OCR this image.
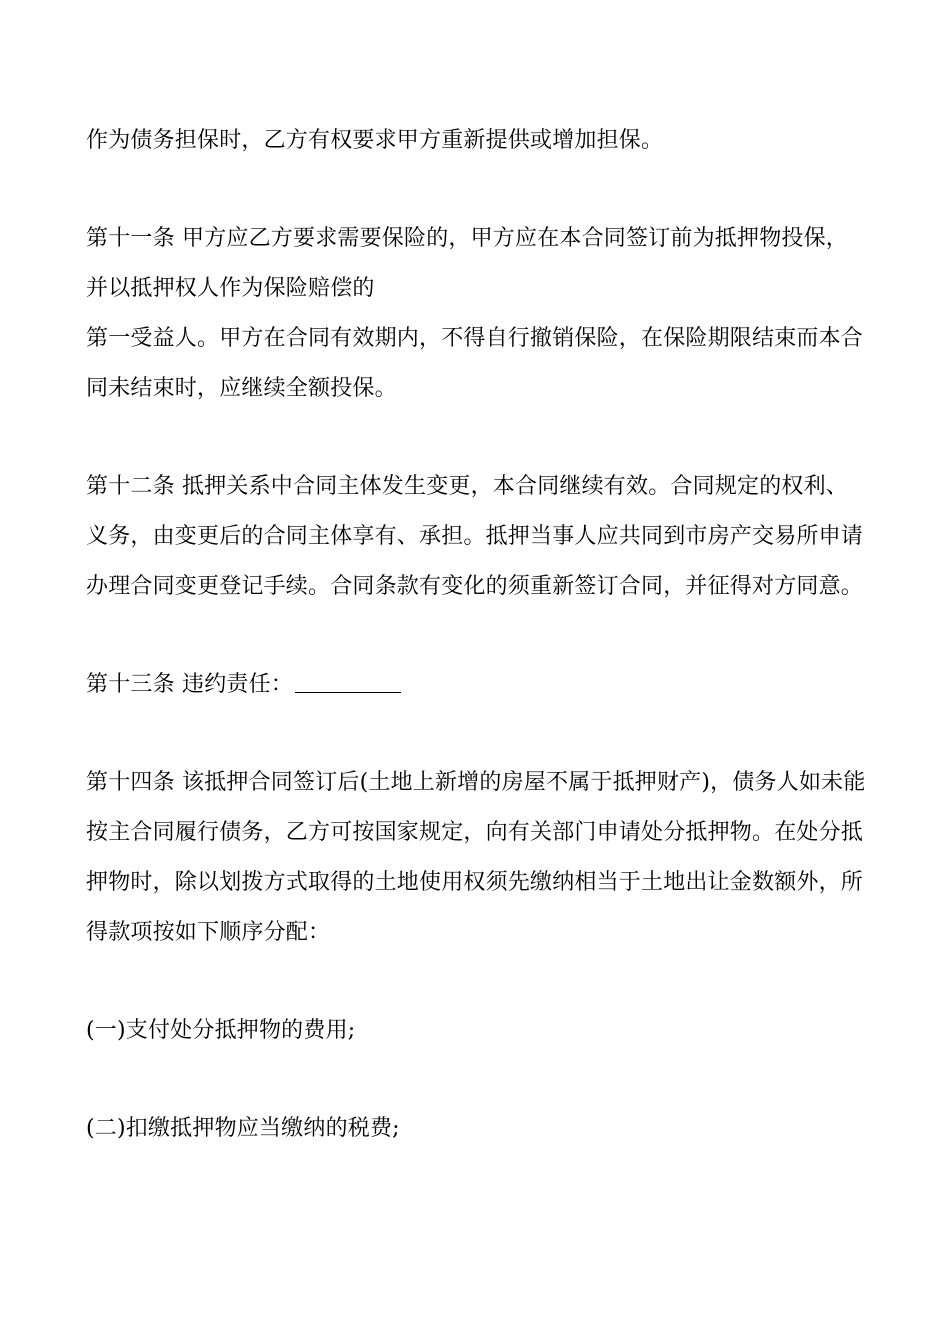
作为债务担保时，乙方有权要求甲方重新提供或增加担保。

第十一条 甲方应乙方要求需要保险的，甲方应在本合同签订前为抵押物投保，并以抵押权人作为保险赔偿的

第一受益人。甲方在合同有效期内，不得自行撤销保险，在保险期限结束而本合同未结束时，应继续全额投保。

第十二条 抵押关系中合同主体发生变更，本合同继续有效。合同规定的权利、义务，由变更后的合同主体享有、承担。抵押当事人应共同到市房产交易所申请办理合同变更登记手续。合同条款有变化的须重新签订合同，并征得对方同意。

第十三条 违约责任：

第十四条 该抵押合同签订后(土地上新增的房屋不属于抵押财产)，债务人如未能按主合同履行债务，乙方可按国家规定，向有关部门申请处分抵押物。在处分抵押物时，除以划拨方式取得的土地使用权须先缴纳相当于土地出让金数额外，所得款项按如下顺序分配：

(一)支付处分抵押物的费用;

(二)扣缴抵押物应当缴纳的税费;
